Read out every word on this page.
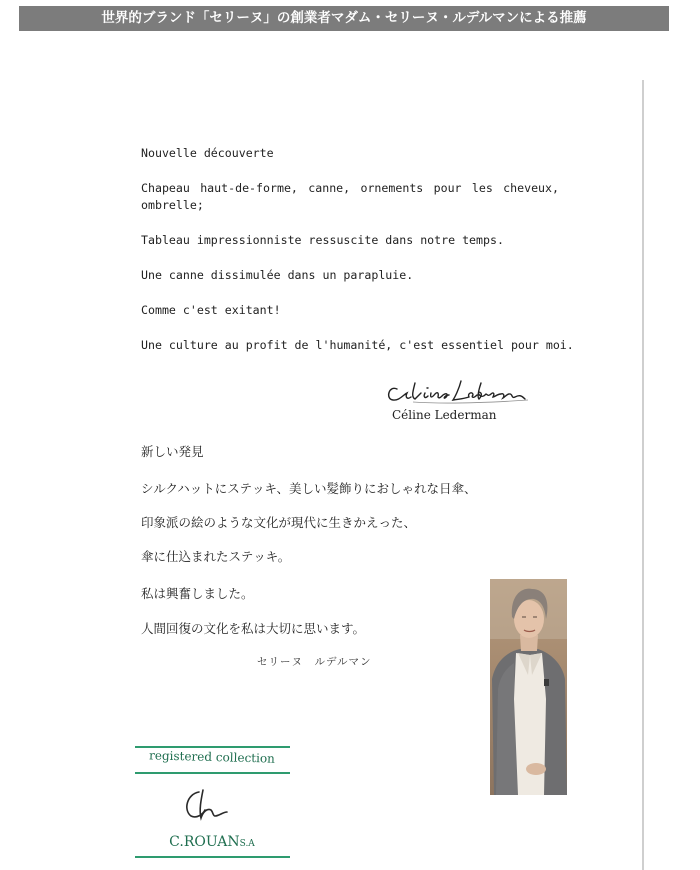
世界的ブランド「セリーヌ」の創業者マダム・セリーヌ・ルデルマンによる推薦
Nouvelle découverte
Chapeau haut-de-forme, canne, ornements pour les cheveux, ombrelle;
Tableau impressionniste ressuscite dans notre temps.
Une canne dissimulée dans un parapluie.
Comme c'est exitant!
Une culture au profit de l'humanité, c'est essentiel pour moi.
Céline Lederman
新しい発見
シルクハットにステッキ、美しい髪飾りにおしゃれな日傘、
印象派の絵のような文化が現代に生きかえった、
傘に仕込まれたステッキ。
私は興奮しました。
人間回復の文化を私は大切に思います。
セリーヌ　ルデルマン
registered collection
C.ROUANS.A
